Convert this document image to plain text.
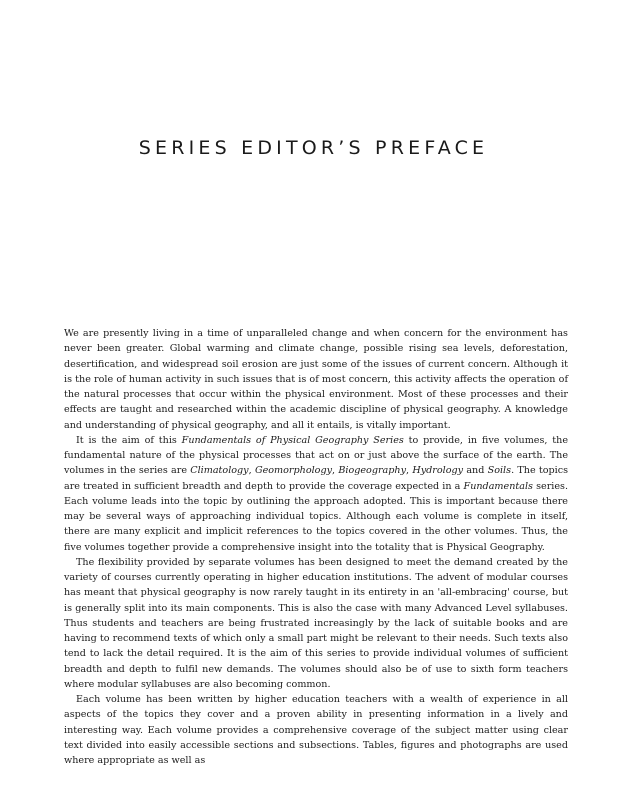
SERIES EDITOR’S PREFACE

We are presently living in a time of unparalleled change and when concern for the environment has never been greater. Global warming and climate change, possible rising sea levels, deforestation, desertification, and widespread soil erosion are just some of the issues of current concern. Although it is the role of human activity in such issues that is of most concern, this activity affects the operation of the natural processes that occur within the physical environment. Most of these processes and their effects are taught and researched within the academic discipline of physical geography. A knowledge and understanding of physical geography, and all it entails, is vitally important.

It is the aim of this Fundamentals of Physical Geography Series to provide, in five volumes, the fundamental nature of the physical processes that act on or just above the surface of the earth. The volumes in the series are Climatology, Geomorphology, Biogeography, Hydrology and Soils. The topics are treated in sufficient breadth and depth to provide the coverage expected in a Fundamentals series. Each volume leads into the topic by outlining the approach adopted. This is important because there may be several ways of approaching individual topics. Although each volume is complete in itself, there are many explicit and implicit references to the topics covered in the other volumes. Thus, the five volumes together provide a comprehensive insight into the totality that is Physical Geography.

The flexibility provided by separate volumes has been designed to meet the demand created by the variety of courses currently operating in higher education institutions. The advent of modular courses has meant that physical geography is now rarely taught in its entirety in an 'all-embracing' course, but is generally split into its main components. This is also the case with many Advanced Level syllabuses. Thus students and teachers are being frustrated increasingly by the lack of suitable books and are having to recommend texts of which only a small part might be relevant to their needs. Such texts also tend to lack the detail required. It is the aim of this series to provide individual volumes of sufficient breadth and depth to fulfil new demands. The volumes should also be of use to sixth form teachers where modular syllabuses are also becoming common.

Each volume has been written by higher education teachers with a wealth of experience in all aspects of the topics they cover and a proven ability in presenting information in a lively and interesting way. Each volume provides a comprehensive coverage of the subject matter using clear text divided into easily accessible sections and subsections. Tables, figures and photographs are used where appropriate as well as
